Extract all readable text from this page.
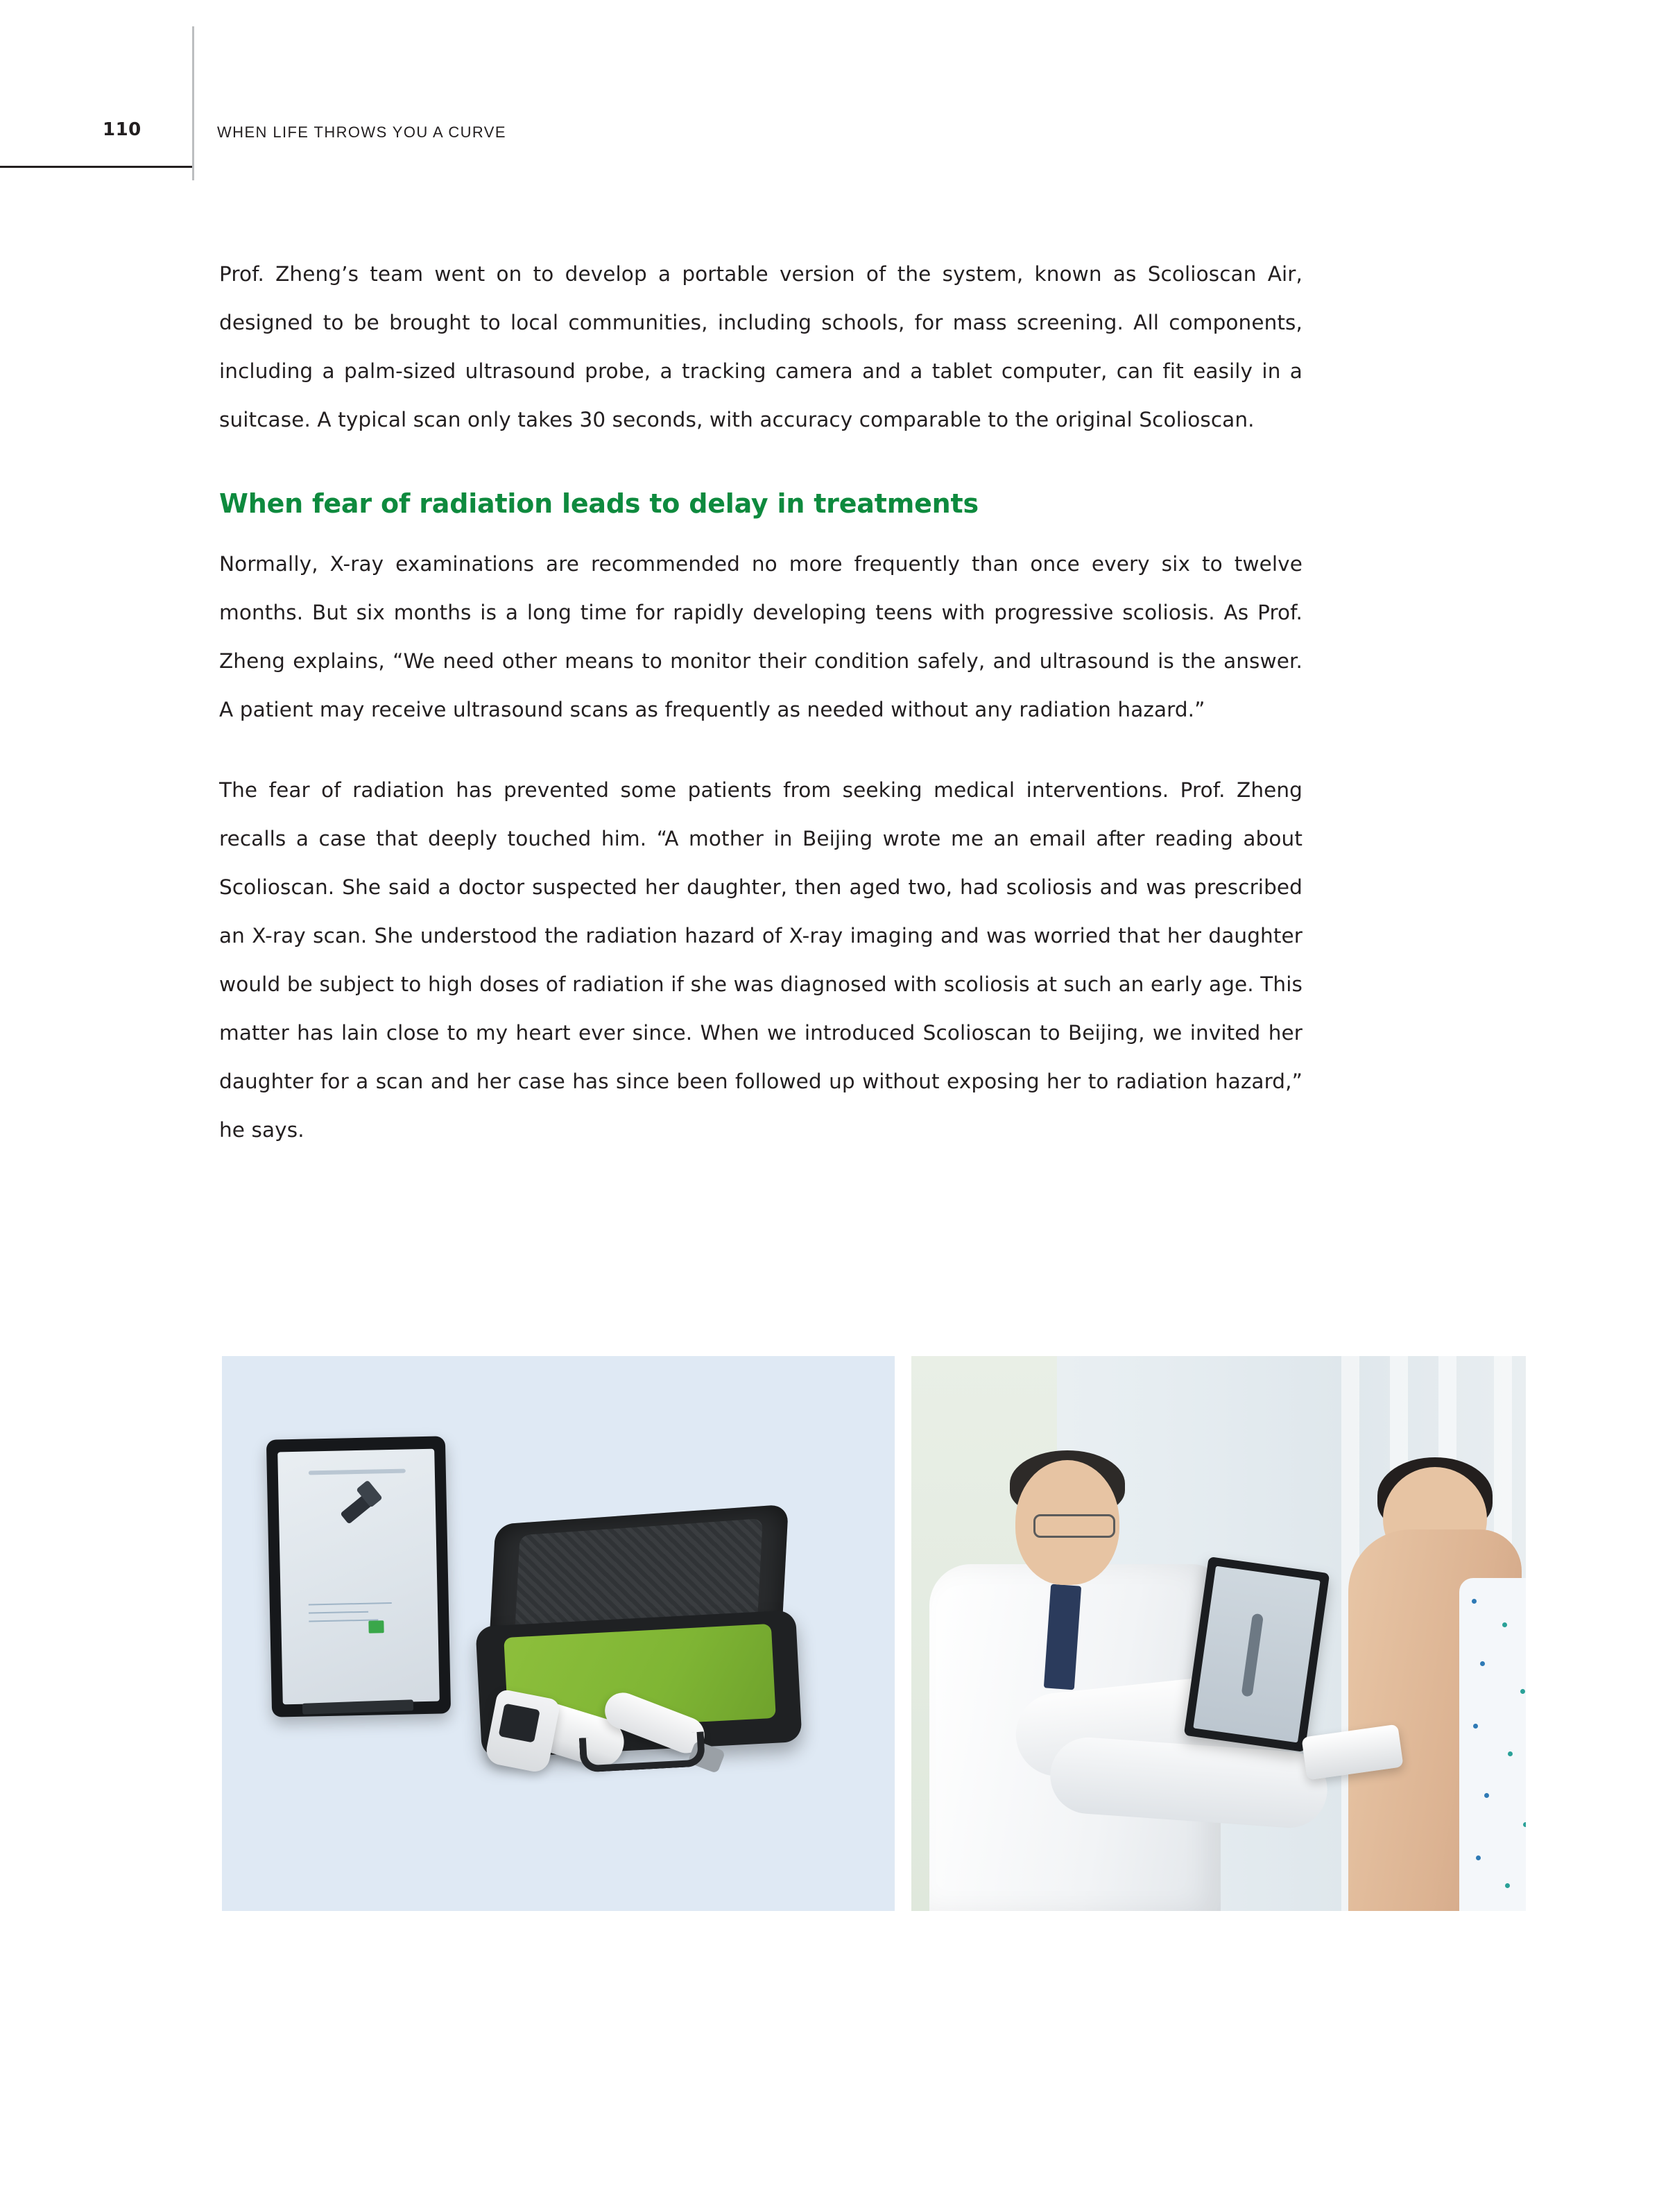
110	WHEN LIFE THROWS YOU A CURVE

Prof. Zheng’s team went on to develop a portable version of the system, known as Scolioscan Air, designed to be brought to local communities, including schools, for mass screening. All components, including a palm-sized ultrasound probe, a tracking camera and a tablet computer, can fit easily in a suitcase. A typical scan only takes 30 seconds, with accuracy comparable to the original Scolioscan.

When fear of radiation leads to delay in treatments

Normally, X-ray examinations are recommended no more frequently than once every six to twelve months. But six months is a long time for rapidly developing teens with progressive scoliosis. As Prof. Zheng explains, “We need other means to monitor their condition safely, and ultrasound is the answer. A patient may receive ultrasound scans as frequently as needed without any radiation hazard.”

The fear of radiation has prevented some patients from seeking medical interventions. Prof. Zheng recalls a case that deeply touched him. “A mother in Beijing wrote me an email after reading about Scolioscan. She said a doctor suspected her daughter, then aged two, had scoliosis and was prescribed an X-ray scan. She understood the radiation hazard of X-ray imaging and was worried that her daughter would be subject to high doses of radiation if she was diagnosed with scoliosis at such an early age. This matter has lain close to my heart ever since. When we introduced Scolioscan to Beijing, we invited her daughter for a scan and her case has since been followed up without exposing her to radiation hazard,” he says.
